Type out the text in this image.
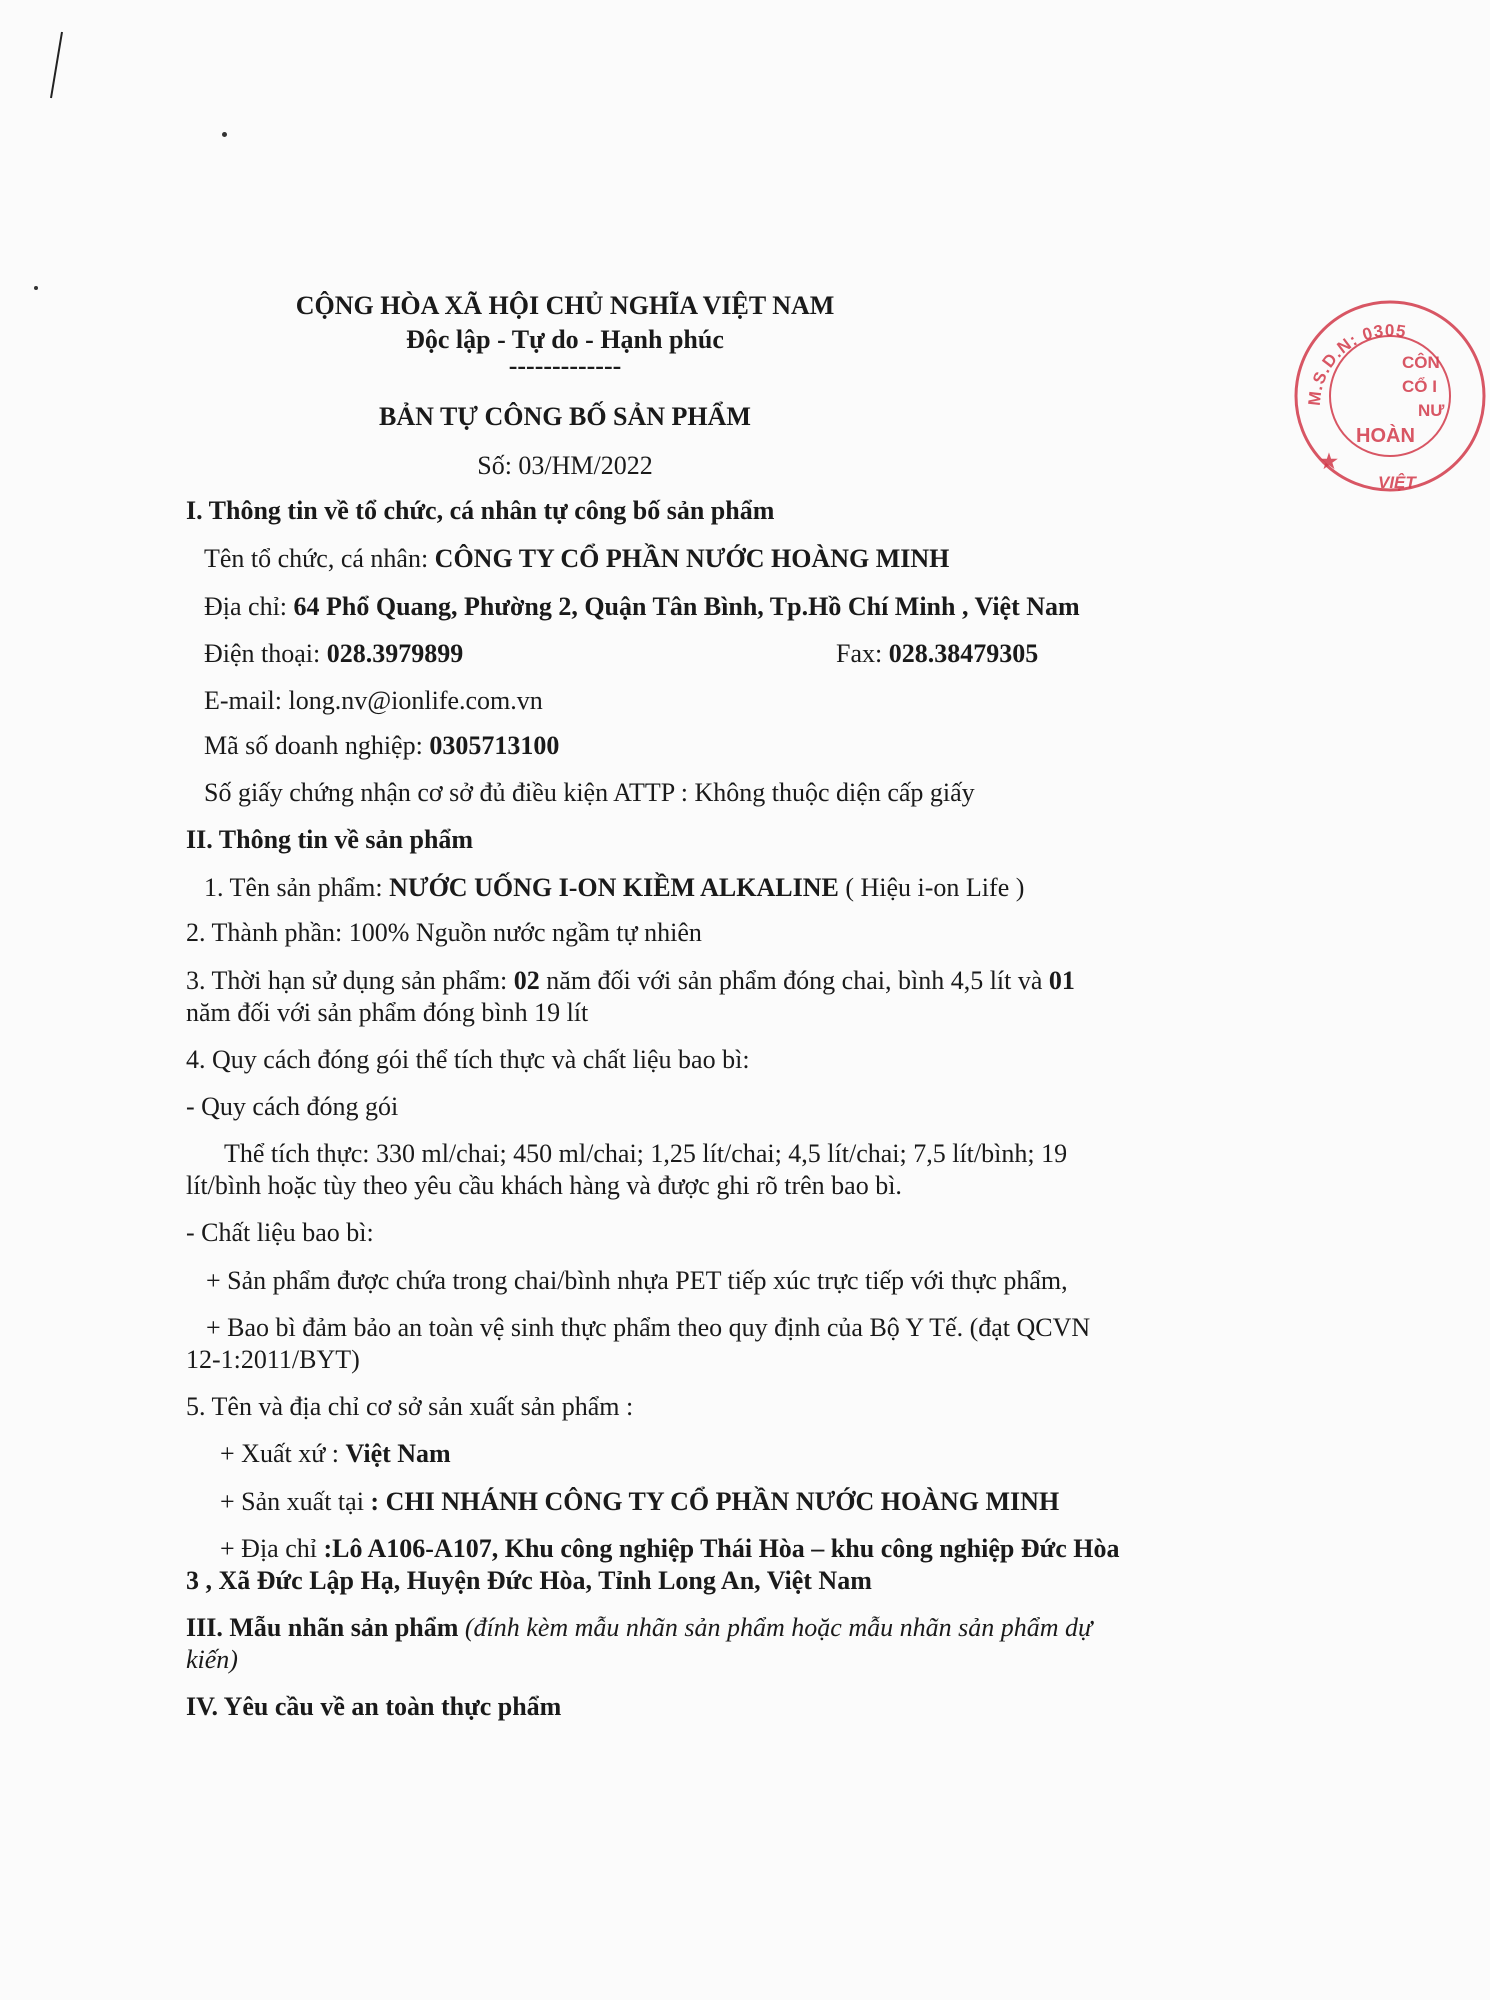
CỘNG HÒA XÃ HỘI CHỦ NGHĨA VIỆT NAM
Độc lập - Tự do - Hạnh phúc
-------------
BẢN TỰ CÔNG BỐ SẢN PHẨM
Số: 03/HM/2022
I. Thông tin về tổ chức, cá nhân tự công bố sản phẩm
Tên tổ chức, cá nhân: CÔNG TY CỔ PHẦN NƯỚC HOÀNG MINH
Địa chỉ: 64 Phổ Quang, Phường 2, Quận Tân Bình, Tp.Hồ Chí Minh , Việt Nam
Điện thoại: 028.3979899	Fax: 028.38479305
E-mail: long.nv@ionlife.com.vn
Mã số doanh nghiệp: 0305713100
Số giấy chứng nhận cơ sở đủ điều kiện ATTP : Không thuộc diện cấp giấy
II. Thông tin về sản phẩm
1. Tên sản phẩm: NƯỚC UỐNG I-ON KIỀM ALKALINE ( Hiệu i-on Life )
2. Thành phần: 100% Nguồn nước ngầm tự nhiên
3. Thời hạn sử dụng sản phẩm: 02 năm đối với sản phẩm đóng chai, bình 4,5 lít và 01
năm đối với sản phẩm đóng bình 19 lít
4. Quy cách đóng gói thể tích thực và chất liệu bao bì:
- Quy cách đóng gói
Thể tích thực: 330 ml/chai; 450 ml/chai; 1,25 lít/chai; 4,5 lít/chai; 7,5 lít/bình; 19
lít/bình hoặc tùy theo yêu cầu khách hàng và được ghi rõ trên bao bì.
- Chất liệu bao bì:
+ Sản phẩm được chứa trong chai/bình nhựa PET tiếp xúc trực tiếp với thực phẩm,
+ Bao bì đảm bảo an toàn vệ sinh thực phẩm theo quy định của Bộ Y Tế. (đạt QCVN
12-1:2011/BYT)
5. Tên và địa chỉ cơ sở sản xuất sản phẩm :
+ Xuất xứ : Việt Nam
+ Sản xuất tại : CHI NHÁNH CÔNG TY CỔ PHẦN NƯỚC HOÀNG MINH
+ Địa chỉ :Lô A106-A107, Khu công nghiệp Thái Hòa – khu công nghiệp Đức Hòa
3 , Xã Đức Lập Hạ, Huyện Đức Hòa, Tỉnh Long An, Việt Nam
III. Mẫu nhãn sản phẩm (đính kèm mẫu nhãn sản phẩm hoặc mẫu nhãn sản phẩm dự
kiến)
IV. Yêu cầu về an toàn thực phẩm
M.S.D.N: 0305
CÔN
CỔ I
NƯ
HOÀN
★
VIỆT
